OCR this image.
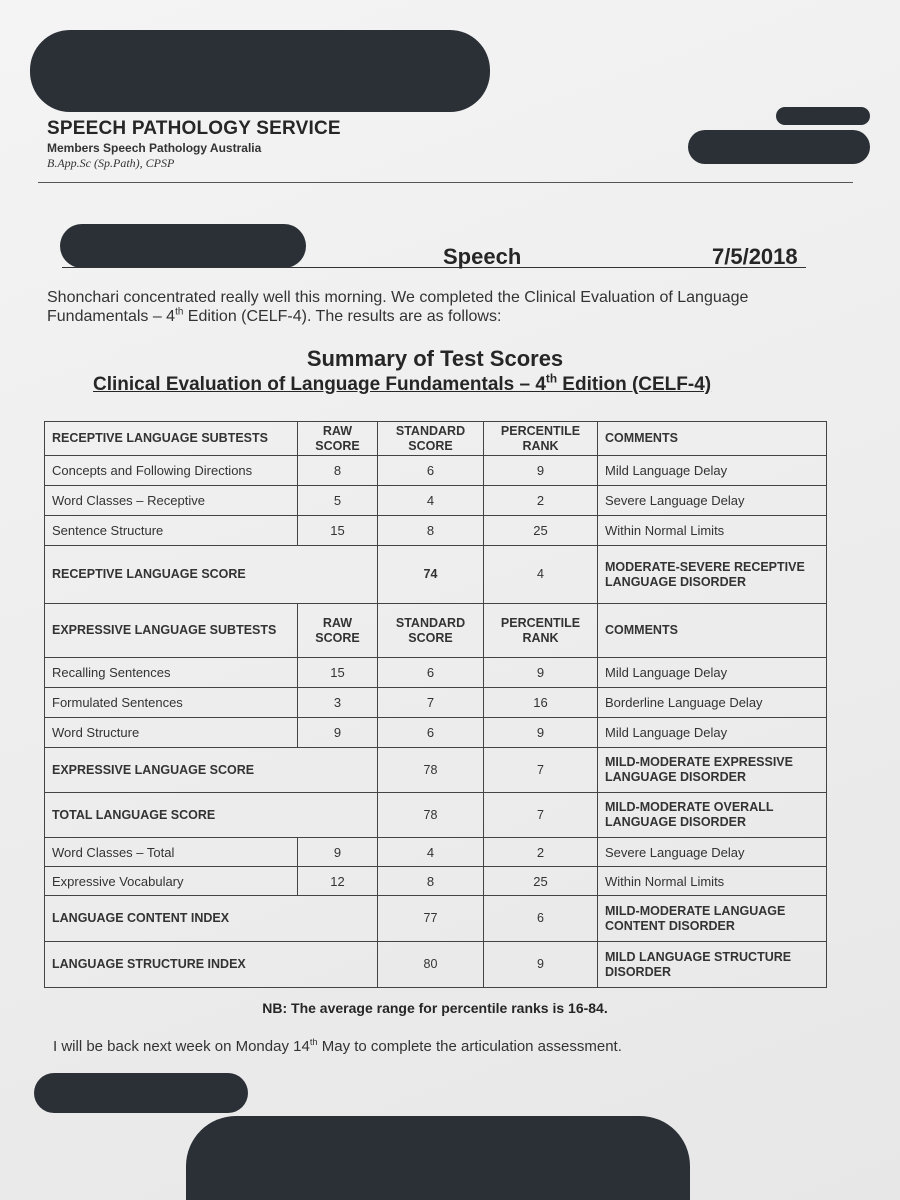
SPEECH PATHOLOGY SERVICE
Members Speech Pathology Australia
B.App.Sc (Sp.Path), CPSP
Speech	7/5/2018
Shonchari concentrated really well this morning. We completed the Clinical Evaluation of Language Fundamentals – 4th Edition (CELF-4). The results are as follows:
Summary of Test Scores
Clinical Evaluation of Language Fundamentals – 4th Edition (CELF-4)
RECEPTIVE LANGUAGE SUBTESTS	RAW SCORE	STANDARD SCORE	PERCENTILE RANK	COMMENTS
Concepts and Following Directions	8	6	9	Mild Language Delay
Word Classes – Receptive	5	4	2	Severe Language Delay
Sentence Structure	15	8	25	Within Normal Limits
RECEPTIVE LANGUAGE SCORE		74	4	MODERATE-SEVERE RECEPTIVE LANGUAGE DISORDER
EXPRESSIVE LANGUAGE SUBTESTS	RAW SCORE	STANDARD SCORE	PERCENTILE RANK	COMMENTS
Recalling Sentences	15	6	9	Mild Language Delay
Formulated Sentences	3	7	16	Borderline Language Delay
Word Structure	9	6	9	Mild Language Delay
EXPRESSIVE LANGUAGE SCORE		78	7	MILD-MODERATE EXPRESSIVE LANGUAGE DISORDER
TOTAL LANGUAGE SCORE		78	7	MILD-MODERATE OVERALL LANGUAGE DISORDER
Word Classes – Total	9	4	2	Severe Language Delay
Expressive Vocabulary	12	8	25	Within Normal Limits
LANGUAGE CONTENT INDEX		77	6	MILD-MODERATE LANGUAGE CONTENT DISORDER
LANGUAGE STRUCTURE INDEX		80	9	MILD LANGUAGE STRUCTURE DISORDER
NB: The average range for percentile ranks is 16-84.
I will be back next week on Monday 14th May to complete the articulation assessment.
